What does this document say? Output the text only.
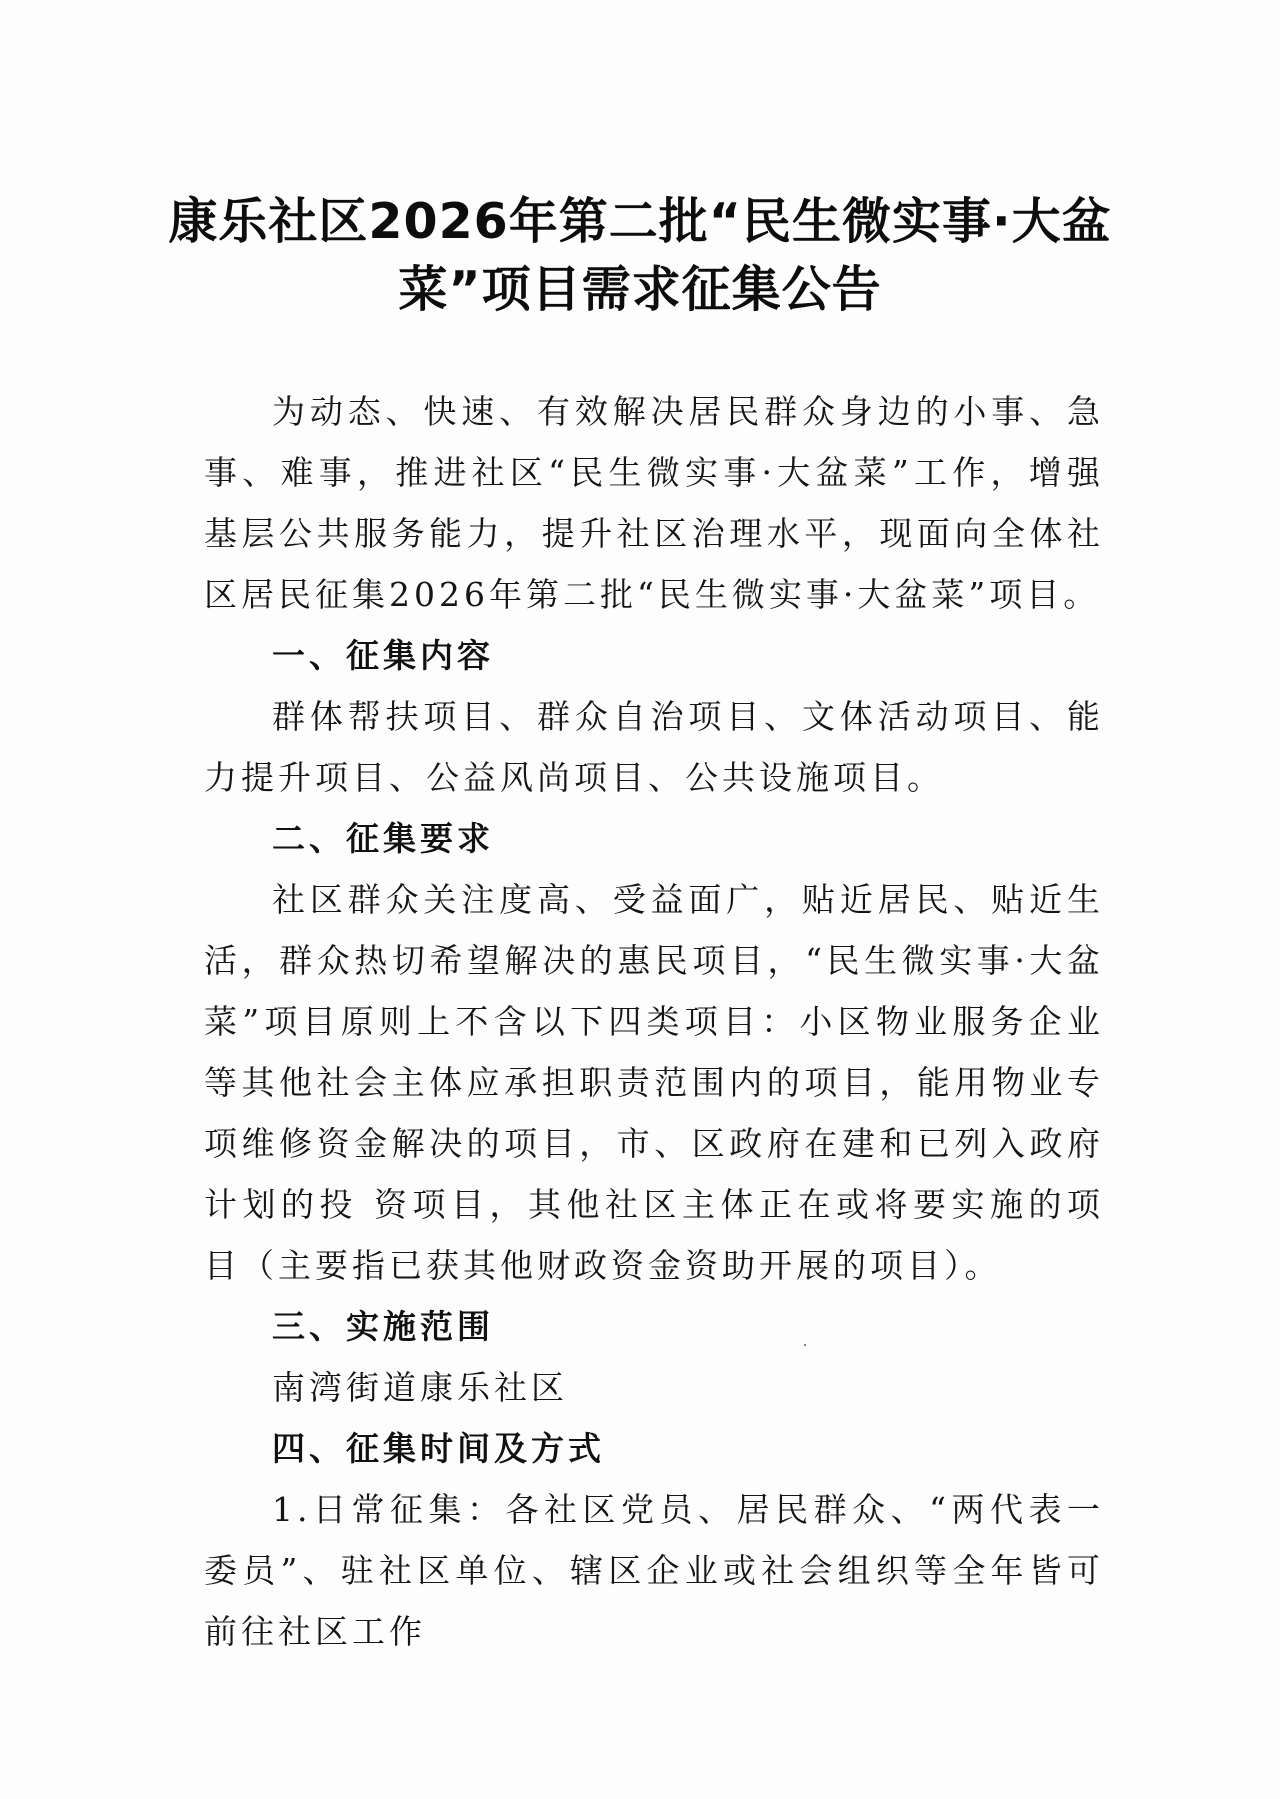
康乐社区2026年第二批“民生微实事·大盆菜”项目需求征集公告

为动态、快速、有效解决居民群众身边的小事、急事、难事，推进社区“民生微实事·大盆菜”工作，增强基层公共服务能力，提升社区治理水平，现面向全体社区居民征集2026年第二批“民生微实事·大盆菜”项目。

一、征集内容

群体帮扶项目、群众自治项目、文体活动项目、能力提升项目、公益风尚项目、公共设施项目。

二、征集要求

社区群众关注度高、受益面广，贴近居民、贴近生活，群众热切希望解决的惠民项目，“民生微实事·大盆菜”项目原则上不含以下四类项目：小区物业服务企业等其他社会主体应承担职责范围内的项目，能用物业专项维修资金解决的项目，市、区政府在建和已列入政府计划的投 资项目，其他社区主体正在或将要实施的项目（主要指已获其他财政资金资助开展的项目）。

三、实施范围

南湾街道康乐社区

四、征集时间及方式

1.日常征集：各社区党员、居民群众、“两代表一委员”、驻社区单位、辖区企业或社会组织等全年皆可前往社区工作
